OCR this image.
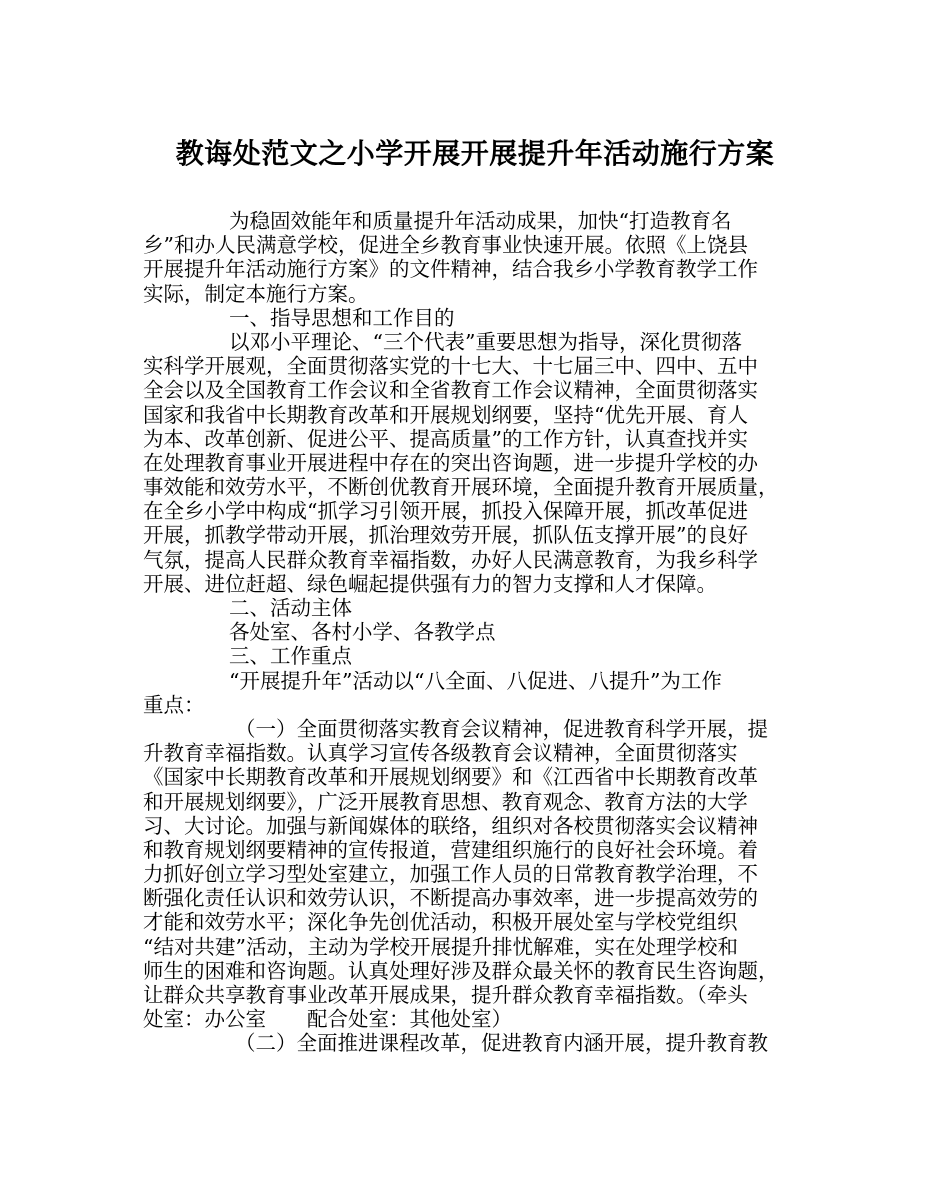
教诲处范文之小学开展开展提升年活动施行方案
为稳固效能年和质量提升年活动成果，加快“打造教育名
乡”和办人民满意学校，促进全乡教育事业快速开展。依照《上饶县
开展提升年活动施行方案》的文件精神，结合我乡小学教育教学工作
实际，制定本施行方案。
一、指导思想和工作目的
以邓小平理论、“三个代表”重要思想为指导，深化贯彻落
实科学开展观，全面贯彻落实党的十七大、十七届三中、四中、五中
全会以及全国教育工作会议和全省教育工作会议精神，全面贯彻落实
国家和我省中长期教育改革和开展规划纲要，坚持“优先开展、育人
为本、改革创新、促进公平、提高质量”的工作方针，认真查找并实
在处理教育事业开展进程中存在的突出咨询题，进一步提升学校的办
事效能和效劳水平，不断创优教育开展环境，全面提升教育开展质量，
在全乡小学中构成“抓学习引领开展，抓投入保障开展，抓改革促进
开展，抓教学带动开展，抓治理效劳开展，抓队伍支撑开展”的良好
气氛，提高人民群众教育幸福指数，办好人民满意教育，为我乡科学
开展、进位赶超、绿色崛起提供强有力的智力支撑和人才保障。
二、活动主体
各处室、各村小学、各教学点
三、工作重点
“开展提升年”活动以“八全面、八促进、八提升”为工作
重点：
（一）全面贯彻落实教育会议精神，促进教育科学开展，提
升教育幸福指数。认真学习宣传各级教育会议精神，全面贯彻落实
《国家中长期教育改革和开展规划纲要》和《江西省中长期教育改革
和开展规划纲要》，广泛开展教育思想、教育观念、教育方法的大学
习、大讨论。加强与新闻媒体的联络，组织对各校贯彻落实会议精神
和教育规划纲要精神的宣传报道，营建组织施行的良好社会环境。着
力抓好创立学习型处室建立，加强工作人员的日常教育教学治理，不
断强化责任认识和效劳认识，不断提高办事效率，进一步提高效劳的
才能和效劳水平；深化争先创优活动，积极开展处室与学校党组织
“结对共建”活动，主动为学校开展提升排忧解难，实在处理学校和
师生的困难和咨询题。认真处理好涉及群众最关怀的教育民生咨询题，
让群众共享教育事业改革开展成果，提升群众教育幸福指数。（牵头
处室：办公室　　配合处室：其他处室）
（二）全面推进课程改革，促进教育内涵开展，提升教育教
